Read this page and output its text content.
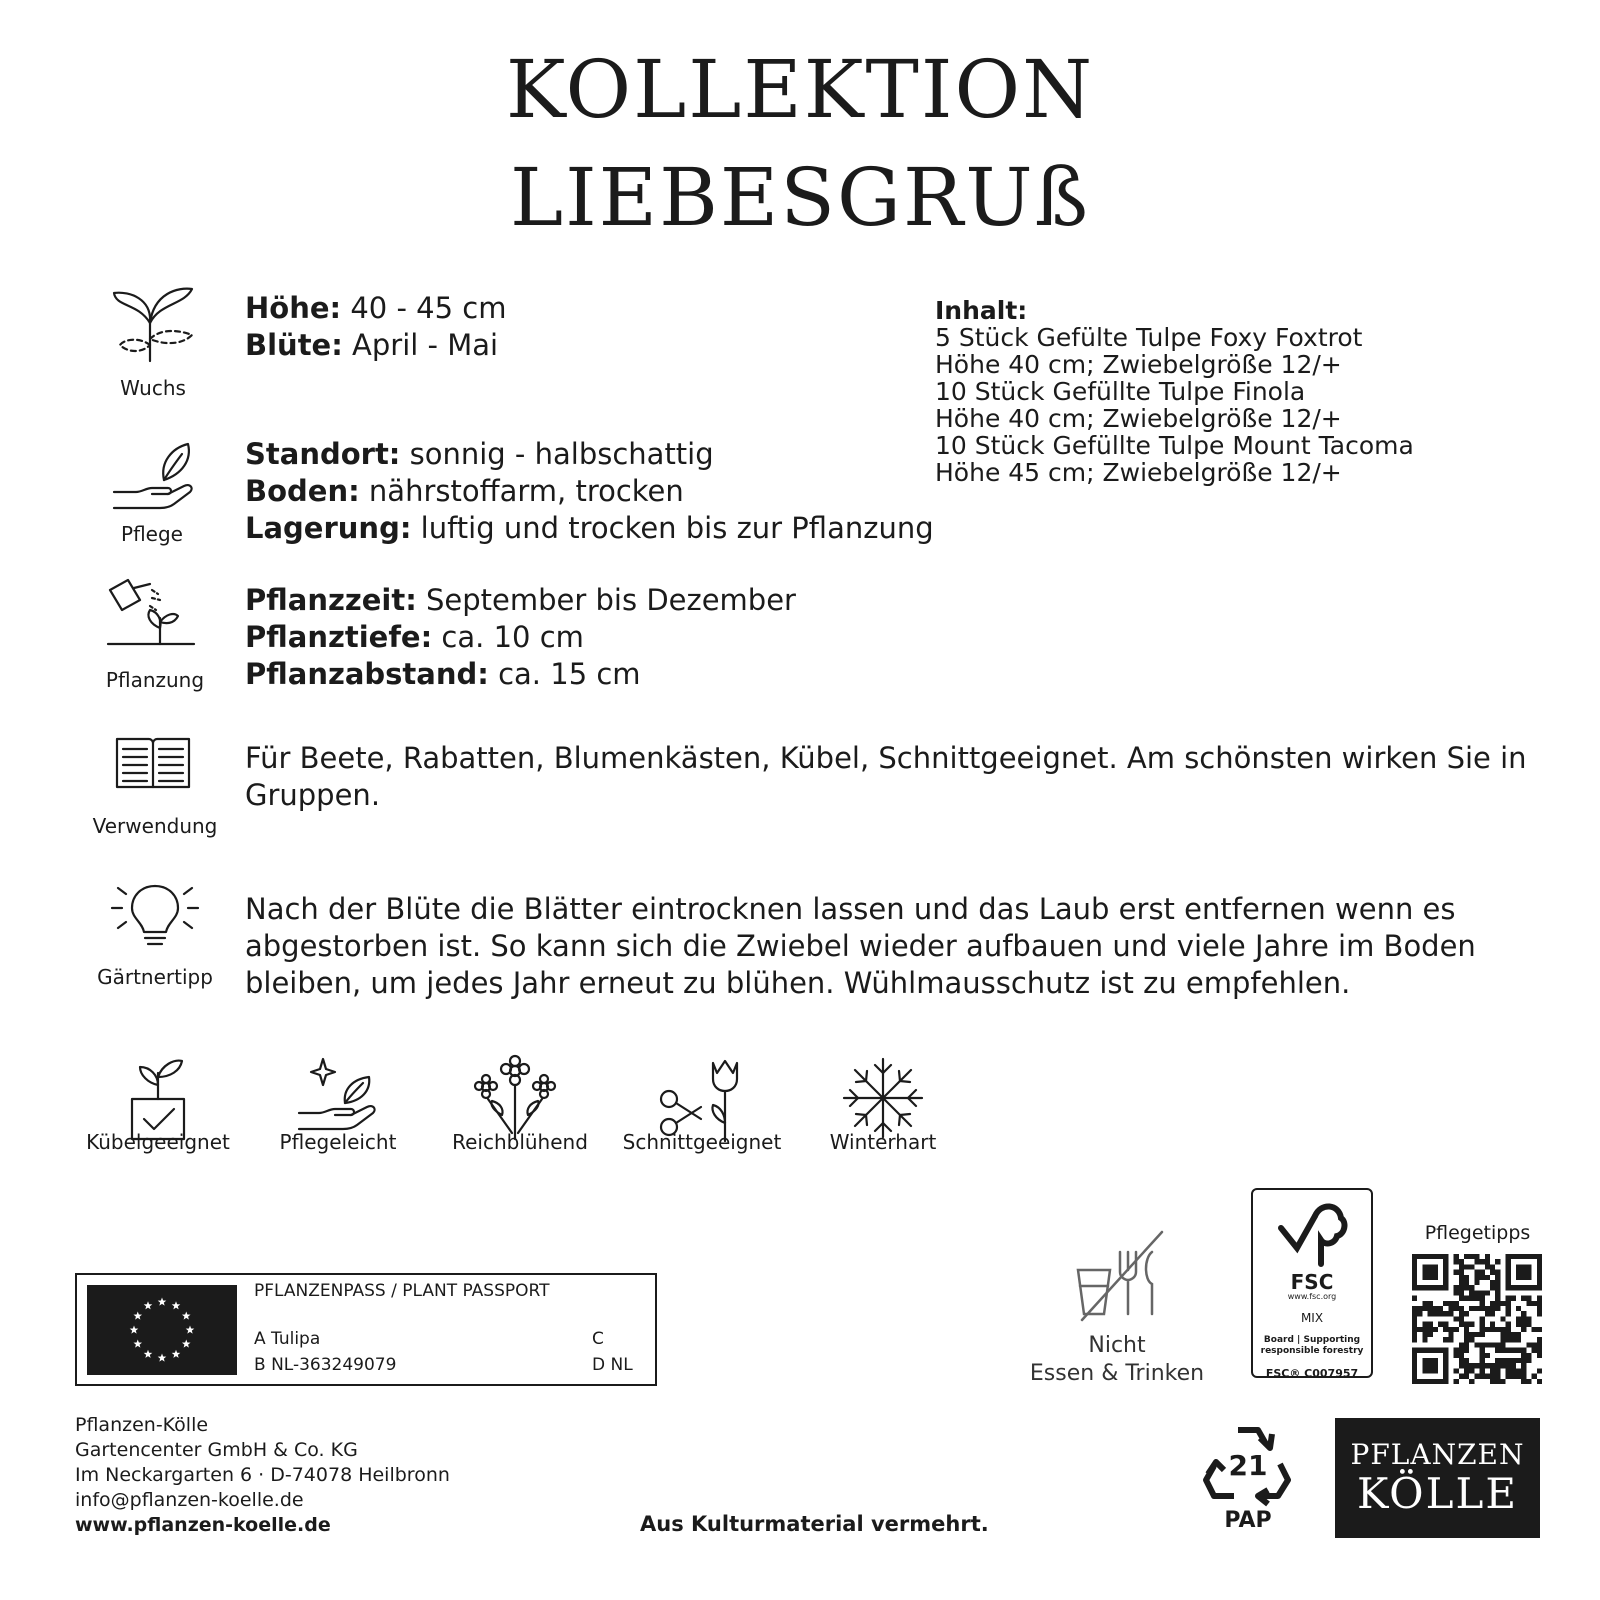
KOLLEKTION
LIEBESGRUß
Wuchs
Höhe: 40 - 45 cm
Blüte: April - Mai
Pflege
Standort: sonnig - halbschattig
Boden: nährstoffarm, trocken
Lagerung: luftig und trocken bis zur Pflanzung
Pflanzung
Pflanzzeit: September bis Dezember
Pflanztiefe: ca. 10 cm
Pflanzabstand: ca. 15 cm
Verwendung
Für Beete, Rabatten, Blumenkästen, Kübel, Schnittgeeignet. Am schönsten wirken Sie in Gruppen.
Gärtnertipp
Nach der Blüte die Blätter eintrocknen lassen und das Laub erst entfernen wenn es abgestorben ist. So kann sich die Zwiebel wieder aufbauen und viele Jahre im Boden bleiben, um jedes Jahr erneut zu blühen. Wühlmausschutz ist zu empfehlen.
Inhalt:
5 Stück Gefülte Tulpe Foxy Foxtrot
Höhe 40 cm; Zwiebelgröße 12/+
10 Stück Gefüllte Tulpe Finola
Höhe 40 cm; Zwiebelgröße 12/+
10 Stück Gefüllte Tulpe Mount Tacoma
Höhe 45 cm; Zwiebelgröße 12/+
Kübelgeeignet	Pflegeleicht	Reichblühend	Schnittgeeignet	Winterhart
PFLANZENPASS / PLANT PASSPORT
A Tulipa
B NL-363249079
C
D NL
Nicht
Essen & Trinken
FSC
www.fsc.org
MIX
Board | Supporting
responsible forestry
FSC® C007957
Pflegetipps
21
PAP
PFLANZEN
KÖLLE
Pflanzen-Kölle
Gartencenter GmbH & Co. KG
Im Neckargarten 6 · D-74078 Heilbronn
info@pflanzen-koelle.de
www.pflanzen-koelle.de	Aus Kulturmaterial vermehrt.
